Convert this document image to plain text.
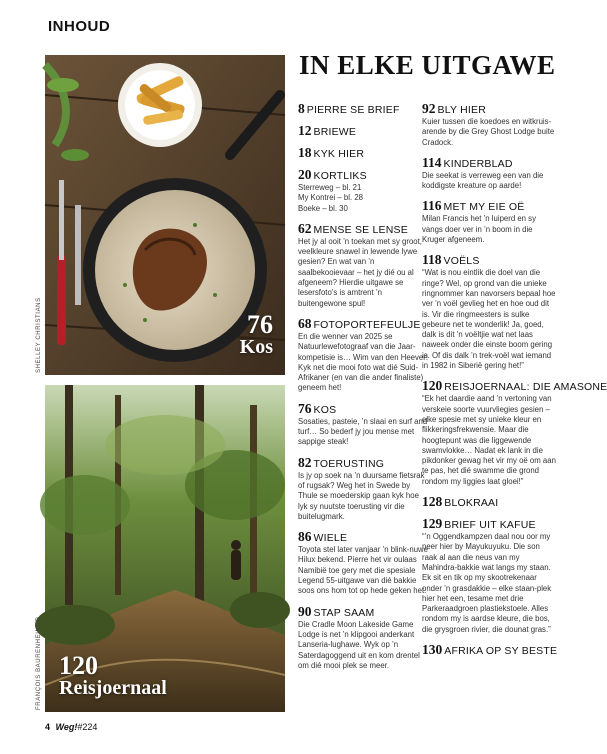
INHOUD
76
Kos
SHELLEY CHRISTIANS
120
Reisjoernaal
FRANÇOIS BAURENHEIMER
IN ELKE UITGAWE
8 PIERRE SE BRIEF
12 BRIEWE
18 KYK HIER
20 KORTLIKS
Sterreweg – bl. 21
My Kontrei – bl. 28
Boeke – bl. 30
62 MENSE SE LENSE
Het jy al ooit ’n toekan met sy groot, veelkleure snawel in lewende lywe gesien? En wat van ’n saalbekooievaar – het jy dié ou al afgeneem? Hierdie uitgawe se lesersfoto’s is amtrent ’n buitengewone spul!
68 FOTOPORTEFEULJE
En die wenner van 2025 se Natuurlewefotograaf van die Jaar-kompetisie is… Wim van den Heever! Kyk net die mooi foto wat dié Suid-Afrikaner (en van die ander finaliste) geneem het!
76 KOS
Sosaties, pasteie, ’n slaai en surf and turf… So bederf jy jou mense met sappige steak!
82 TOERUSTING
Is jy op soek na ’n duursame fietsrak of rugsak? Weg het in Swede by Thule se moederskip gaan kyk hoe lyk sy nuutste toerusting vir die buitelugmark.
86 WIELE
Toyota stel later vanjaar ’n blink-nuwe Hilux bekend. Pierre het vir oulaas Namibië toe gery met die spesiale Legend 55-uitgawe van dié bakkie soos ons hom tot op hede geken het.
90 STAP SAAM
Die Cradle Moon Lakeside Game Lodge is net ’n klipgooi anderkant Lanseria-lughawe. Wyk op ’n Saterdagoggend uit en kom drentel om dié mooi plek se meer.
92 BLY HIER
Kuier tussen die koedoes en witkruis-arende by die Grey Ghost Lodge buite Cradock.
114 KINDERBLAD
Die seekat is verreweg een van die koddigste kreature op aarde!
116 MET MY EIE OË
Milan Francis het ’n luiperd en sy vangs doer ver in ’n boom in die Kruger afgeneem.
118 VOËLS
“Wat is nou eintlik die doel van die ringe? Wel, op grond van die unieke ringnommer kan navorsers bepaal hoe ver ’n voël gevlieg het en hoe oud dit is. Vir die ringmeesters is sulke gebeure net te wonderlik! Ja, goed, dalk is dit ’n voëltjie wat net laas naweek onder die einste boom gering is. Of dis dalk ’n trek-voël wat iemand in 1982 in Siberië gering het!”
120 REISJOERNAAL: DIE AMASONE
“Ek het daardie aand ’n vertoning van verskeie soorte vuurvliegies gesien – elke spesie met sy unieke kleur en flikkeringsfrekwensie. Maar die hoogtepunt was die liggewende swamvlokke… Nadat ek lank in die pikdonker gewag het vir my oë om aan te pas, het dié swamme die grond rondom my liggies laat gloei!”
128 BLOKRAAI
129 BRIEF UIT KAFUE
“’n Oggendkampzen daal nou oor my neer hier by Mayukuyuku. Die son raak al aan die neus van my Mahindra-bakkie wat langs my staan. Ek sit en tik op my skootrekenaar onder ’n grasdakkie – elke staan-plek hier het een, tesame met drie Parkeraadgroen plastiekstoele. Alles rondom my is aardse kleure, die bos, die grysgroen rivier, die dounat gras.”
130 AFRIKA OP SY BESTE
4 Weg!#224
